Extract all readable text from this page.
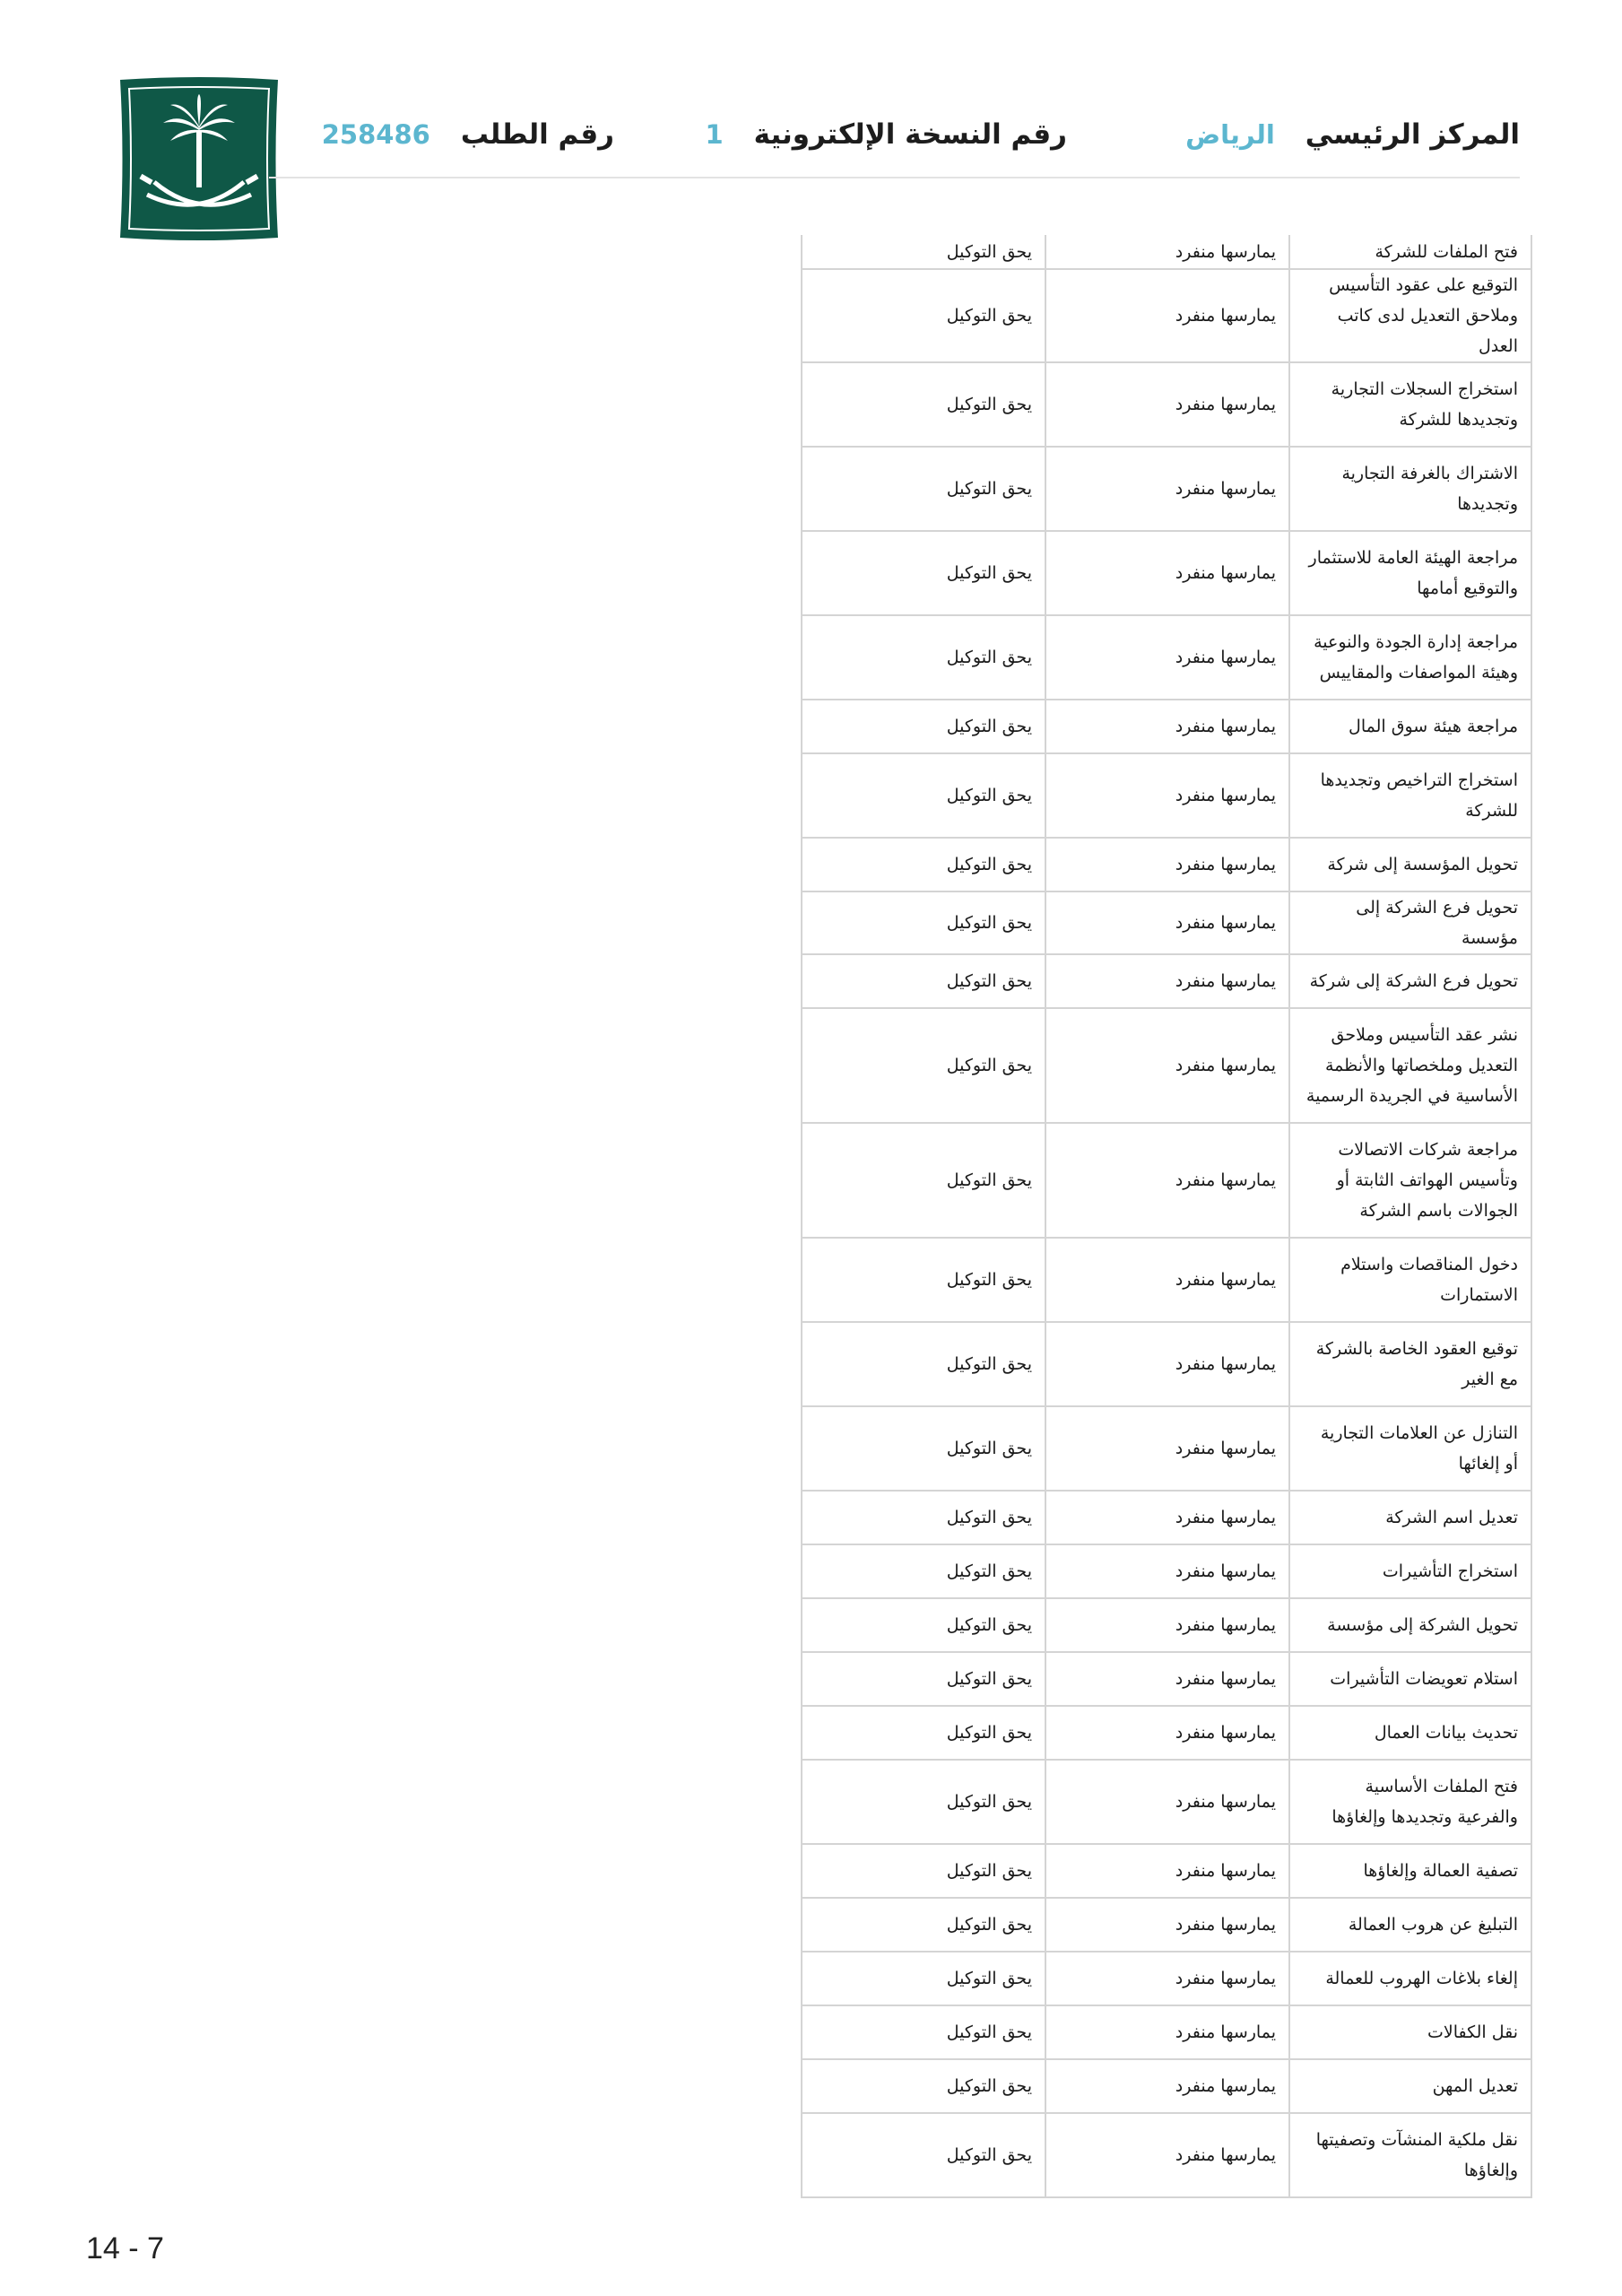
المركز الرئيسي
الرياض
رقم النسخة الإلكترونية
1
رقم الطلب
258486
فتح الملفات للشركة	يمارسها منفرد	يحق التوكيل
التوقيع على عقود التأسيس وملاحق التعديل لدى كاتب العدل	يمارسها منفرد	يحق التوكيل
استخراج السجلات التجارية وتجديدها للشركة	يمارسها منفرد	يحق التوكيل
الاشتراك بالغرفة التجارية وتجديدها	يمارسها منفرد	يحق التوكيل
مراجعة الهيئة العامة للاستثمار والتوقيع أمامها	يمارسها منفرد	يحق التوكيل
مراجعة إدارة الجودة والنوعية وهيئة المواصفات والمقاييس	يمارسها منفرد	يحق التوكيل
مراجعة هيئة سوق المال	يمارسها منفرد	يحق التوكيل
استخراج التراخيص وتجديدها للشركة	يمارسها منفرد	يحق التوكيل
تحويل المؤسسة إلى شركة	يمارسها منفرد	يحق التوكيل
تحويل فرع الشركة إلى مؤسسة	يمارسها منفرد	يحق التوكيل
تحويل فرع الشركة إلى شركة	يمارسها منفرد	يحق التوكيل
نشر عقد التأسيس وملاحق التعديل وملخصاتها والأنظمة الأساسية في الجريدة الرسمية	يمارسها منفرد	يحق التوكيل
مراجعة شركات الاتصالات وتأسيس الهواتف الثابتة أو الجوالات باسم الشركة	يمارسها منفرد	يحق التوكيل
دخول المناقصات واستلام الاستمارات	يمارسها منفرد	يحق التوكيل
توقيع العقود الخاصة بالشركة مع الغير	يمارسها منفرد	يحق التوكيل
التنازل عن العلامات التجارية أو إلغائها	يمارسها منفرد	يحق التوكيل
تعديل اسم الشركة	يمارسها منفرد	يحق التوكيل
استخراج التأشيرات	يمارسها منفرد	يحق التوكيل
تحويل الشركة إلى مؤسسة	يمارسها منفرد	يحق التوكيل
استلام تعويضات التأشيرات	يمارسها منفرد	يحق التوكيل
تحديث بيانات العمال	يمارسها منفرد	يحق التوكيل
فتح الملفات الأساسية والفرعية وتجديدها وإلغاؤها	يمارسها منفرد	يحق التوكيل
تصفية العمالة وإلغاؤها	يمارسها منفرد	يحق التوكيل
التبليغ عن هروب العمالة	يمارسها منفرد	يحق التوكيل
إلغاء بلاغات الهروب للعمالة	يمارسها منفرد	يحق التوكيل
نقل الكفالات	يمارسها منفرد	يحق التوكيل
تعديل المهن	يمارسها منفرد	يحق التوكيل
نقل ملكية المنشآت وتصفيتها وإلغاؤها	يمارسها منفرد	يحق التوكيل
14 - 7
